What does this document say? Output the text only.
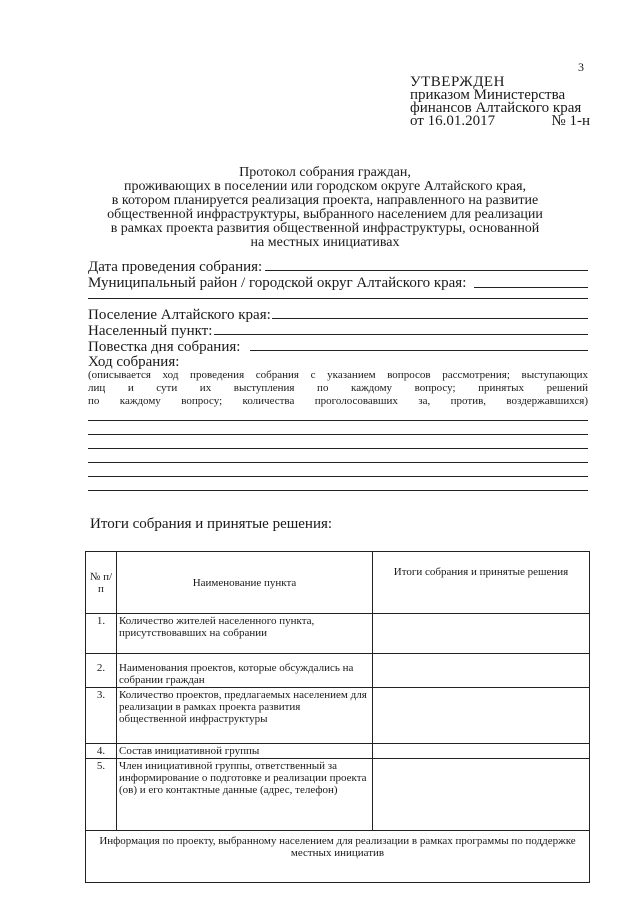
3
УТВЕРЖДЕН
приказом Министерства
финансов Алтайского края
от 16.01.2017	№ 1-н
Протокол собрания граждан,
проживающих в поселении или городском округе Алтайского края,
в котором планируется реализация проекта, направленного на развитие
общественной инфраструктуры, выбранного населением для реализации
в рамках проекта развития общественной инфраструктуры, основанной
на местных инициативах
Дата проведения собрания:
Муниципальный район / городской округ Алтайского края:
Поселение Алтайского края:
Населенный пункт:
Повестка дня собрания:
Ход собрания:
(описывается ход проведения собрания с указанием вопросов рассмотрения; выступающих
лиц и сути их выступления по каждому вопросу; принятых решений
по каждому вопросу; количества проголосовавших за, против, воздержавшихся)
Итоги собрания и принятые решения:
№ п/п	Наименование пункта	Итоги собрания и принятые решения
1.	Количество жителей населенного пункта, присутствовавших на собрании	
2.	Наименования проектов, которые обсуждались на собрании граждан	
3.	Количество проектов, предлагаемых населением для реализации в рамках проекта развития общественной инфраструктуры	
4.	Состав инициативной группы	
5.	Член инициативной группы, ответственный за информирование о подготовке и реализации проекта (ов) и его контактные данные (адрес, телефон)	
Информация по проекту, выбранному населением для реализации в рамках программы по поддержке местных инициатив		
